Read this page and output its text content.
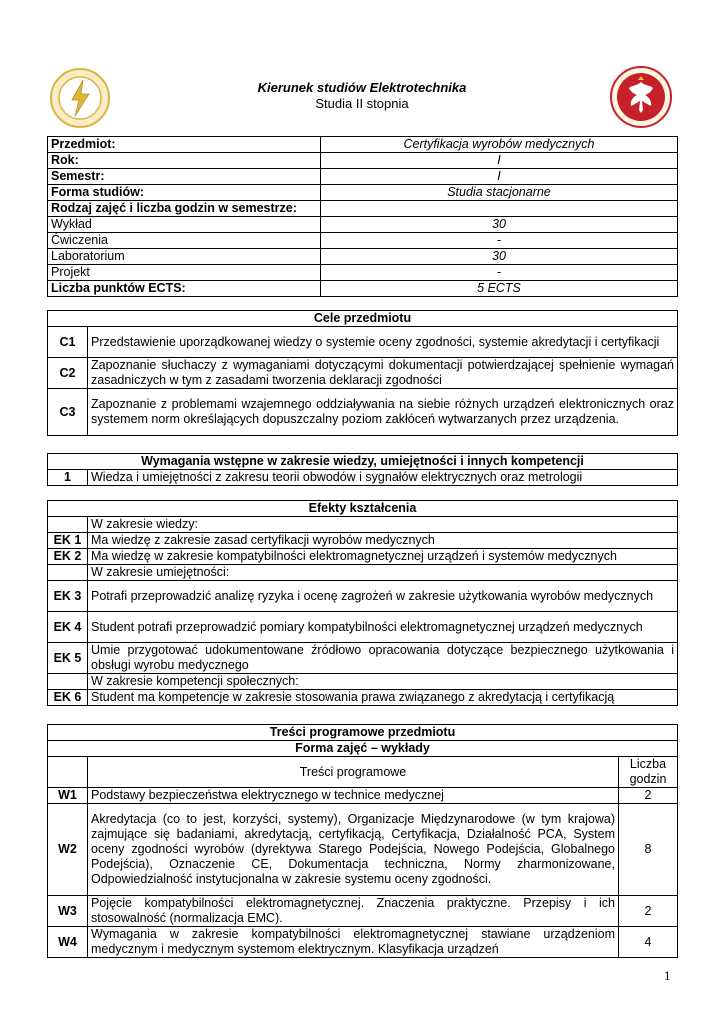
Kierunek studiów Elektrotechnika
Studia II stopnia
Przedmiot:	Certyfikacja wyrobów medycznych
Rok:	I
Semestr:	I
Forma studiów:	Studia stacjonarne
Rodzaj zajęć i liczba godzin w semestrze:	
Wykład	30
Ćwiczenia	-
Laboratorium	30
Projekt	-
Liczba punktów ECTS:	5 ECTS
Cele przedmiotu	
C1	Przedstawienie uporządkowanej wiedzy o systemie oceny zgodności, systemie akredytacji i certyfikacji
C2	Zapoznanie słuchaczy z wymaganiami dotyczącymi dokumentacji potwierdzającej spełnienie wymagań zasadniczych w tym z zasadami tworzenia deklaracji zgodności
C3	Zapoznanie z problemami wzajemnego oddziaływania na siebie różnych urządzeń elektronicznych oraz systemem norm określających dopuszczalny poziom zakłóceń wytwarzanych przez urządzenia.
Wymagania wstępne w zakresie wiedzy, umiejętności i innych kompetencji
1	Wiedza i umiejętności z zakresu teorii obwodów i sygnałów elektrycznych oraz metrologii
Efekty kształcenia	
	W zakresie wiedzy:
EK 1	Ma wiedzę z zakresie zasad certyfikacji wyrobów medycznych
EK 2	Ma wiedzę w zakresie kompatybilności elektromagnetycznej urządzeń i systemów medycznych
	W zakresie umiejętności:
EK 3	Potrafi przeprowadzić analizę ryzyka i ocenę zagrożeń w zakresie użytkowania wyrobów medycznych
EK 4	Student potrafi przeprowadzić pomiary kompatybilności elektromagnetycznej urządzeń medycznych
EK 5	Umie przygotować udokumentowane źródłowo opracowania dotyczące bezpiecznego użytkowania i obsługi wyrobu medycznego
	W zakresie kompetencji społecznych:
EK 6	Student ma kompetencje w zakresie stosowania prawa związanego z akredytacją i certyfikacją
Treści programowe przedmiotu		
Forma zajęć – wykłady		
	Treści programowe	Liczba godzin
W1	Podstawy bezpieczeństwa elektrycznego w technice medycznej	2
W2	Akredytacja (co to jest, korzyści, systemy), Organizacje Międzynarodowe (w tym krajowa) zajmujące się badaniami, akredytacją, certyfikacją, Certyfikacja, Działalność PCA, System oceny zgodności wyrobów (dyrektywa Starego Podejścia, Nowego Podejścia, Globalnego Podejścia), Oznaczenie CE, Dokumentacja techniczna, Normy zharmonizowane, Odpowiedzialność instytucjonalna w zakresie systemu oceny zgodności.	8
W3	Pojęcie kompatybilności elektromagnetycznej. Znaczenia praktyczne. Przepisy i ich stosowalność (normalizacja EMC).	2
W4	Wymagania w zakresie kompatybilności elektromagnetycznej stawiane urządzeniom medycznym i medycznym systemom elektrycznym. Klasyfikacja urządzeń	4
1
